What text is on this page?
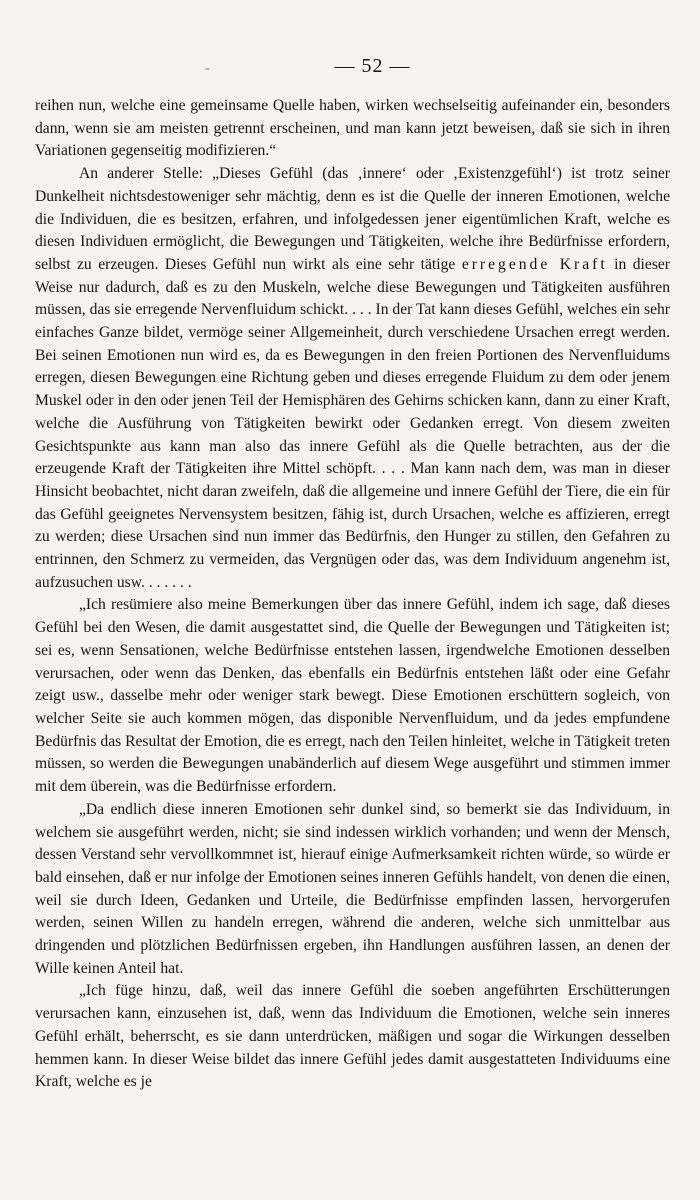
-	— 52 —

reihen nun, welche eine gemeinsame Quelle haben, wirken wechselseitig aufeinander ein, besonders dann, wenn sie am meisten getrennt erscheinen, und man kann jetzt beweisen, daß sie sich in ihren Variationen gegenseitig modifizieren.“

An anderer Stelle: „Dieses Gefühl (das ‚innere‘ oder ‚Existenzgefühl‘) ist trotz seiner Dunkelheit nichtsdestoweniger sehr mächtig, denn es ist die Quelle der inneren Emotionen, welche die Individuen, die es besitzen, erfahren, und infolgedessen jener eigentümlichen Kraft, welche es diesen Individuen ermöglicht, die Bewegungen und Tätigkeiten, welche ihre Bedürfnisse erfordern, selbst zu erzeugen. Dieses Gefühl nun wirkt als eine sehr tätige erregende Kraft in dieser Weise nur dadurch, daß es zu den Muskeln, welche diese Bewegungen und Tätigkeiten ausführen müssen, das sie erregende Nervenfluidum schickt. . . . In der Tat kann dieses Gefühl, welches ein sehr einfaches Ganze bildet, vermöge seiner Allgemeinheit, durch verschiedene Ursachen erregt werden. Bei seinen Emotionen nun wird es, da es Bewegungen in den freien Portionen des Nervenfluidums erregen, diesen Bewegungen eine Richtung geben und dieses erregende Fluidum zu dem oder jenem Muskel oder in den oder jenen Teil der Hemisphären des Gehirns schicken kann, dann zu einer Kraft, welche die Ausführung von Tätigkeiten bewirkt oder Gedanken erregt. Von diesem zweiten Gesichtspunkte aus kann man also das innere Gefühl als die Quelle betrachten, aus der die erzeugende Kraft der Tätigkeiten ihre Mittel schöpft. . . . Man kann nach dem, was man in dieser Hinsicht beobachtet, nicht daran zweifeln, daß die allgemeine und innere Gefühl der Tiere, die ein für das Gefühl geeignetes Nervensystem besitzen, fähig ist, durch Ursachen, welche es affizieren, erregt zu werden; diese Ursachen sind nun immer das Bedürfnis, den Hunger zu stillen, den Gefahren zu entrinnen, den Schmerz zu vermeiden, das Vergnügen oder das, was dem Individuum angenehm ist, aufzusuchen usw. . . . . . .

„Ich resümiere also meine Bemerkungen über das innere Gefühl, indem ich sage, daß dieses Gefühl bei den Wesen, die damit ausgestattet sind, die Quelle der Bewegungen und Tätigkeiten ist; sei es, wenn Sensationen, welche Bedürfnisse entstehen lassen, irgendwelche Emotionen desselben verursachen, oder wenn das Denken, das ebenfalls ein Bedürfnis entstehen läßt oder eine Gefahr zeigt usw., dasselbe mehr oder weniger stark bewegt. Diese Emotionen erschüttern sogleich, von welcher Seite sie auch kommen mögen, das disponible Nervenfluidum, und da jedes empfundene Bedürfnis das Resultat der Emotion, die es erregt, nach den Teilen hinleitet, welche in Tätigkeit treten müssen, so werden die Bewegungen unabänderlich auf diesem Wege ausgeführt und stimmen immer mit dem überein, was die Bedürfnisse erfordern.

„Da endlich diese inneren Emotionen sehr dunkel sind, so bemerkt sie das Individuum, in welchem sie ausgeführt werden, nicht; sie sind indessen wirklich vorhanden; und wenn der Mensch, dessen Verstand sehr vervollkommnet ist, hierauf einige Aufmerksamkeit richten würde, so würde er bald einsehen, daß er nur infolge der Emotionen seines inneren Gefühls handelt, von denen die einen, weil sie durch Ideen, Gedanken und Urteile, die Bedürfnisse empfinden lassen, hervorgerufen werden, seinen Willen zu handeln erregen, während die anderen, welche sich unmittelbar aus dringenden und plötzlichen Bedürfnissen ergeben, ihn Handlungen ausführen lassen, an denen der Wille keinen Anteil hat.

„Ich füge hinzu, daß, weil das innere Gefühl die soeben angeführten Erschütterungen verursachen kann, einzusehen ist, daß, wenn das Individuum die Emotionen, welche sein inneres Gefühl erhält, beherrscht, es sie dann unterdrücken, mäßigen und sogar die Wirkungen desselben hemmen kann. In dieser Weise bildet das innere Gefühl jedes damit ausgestatteten Individuums eine Kraft, welche es je
